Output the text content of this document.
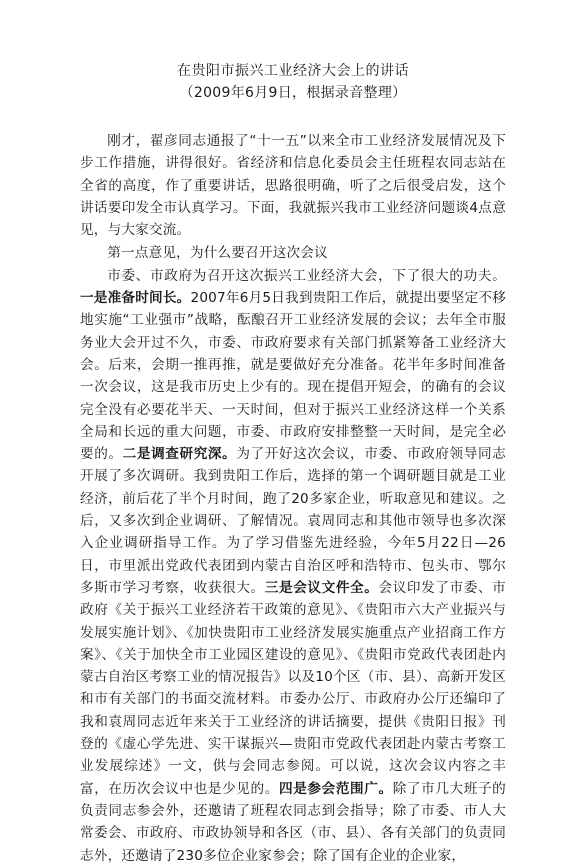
在贵阳市振兴工业经济大会上的讲话
（2009年6月9日，根据录音整理）

刚才，翟彦同志通报了“十一五”以来全市工业经济发展情况及下步工作措施，讲得很好。省经济和信息化委员会主任班程农同志站在全省的高度，作了重要讲话，思路很明确，听了之后很受启发，这个讲话要印发全市认真学习。下面，我就振兴我市工业经济问题谈4点意见，与大家交流。

第一点意见，为什么要召开这次会议

市委、市政府为召开这次振兴工业经济大会，下了很大的功夫。一是准备时间长。2007年6月5日我到贵阳工作后，就提出要坚定不移地实施“工业强市”战略，酝酿召开工业经济发展的会议；去年全市服务业大会开过不久，市委、市政府要求有关部门抓紧筹备工业经济大会。后来，会期一推再推，就是要做好充分准备。花半年多时间准备一次会议，这是我市历史上少有的。现在提倡开短会，的确有的会议完全没有必要花半天、一天时间，但对于振兴工业经济这样一个关系全局和长远的重大问题，市委、市政府安排整整一天时间，是完全必要的。二是调查研究深。为了开好这次会议，市委、市政府领导同志开展了多次调研。我到贵阳工作后，选择的第一个调研题目就是工业经济，前后花了半个月时间，跑了20多家企业，听取意见和建议。之后，又多次到企业调研、了解情况。袁周同志和其他市领导也多次深入企业调研指导工作。为了学习借鉴先进经验，今年5月22日—26日，市里派出党政代表团到内蒙古自治区呼和浩特市、包头市、鄂尔多斯市学习考察，收获很大。三是会议文件全。会议印发了市委、市政府《关于振兴工业经济若干政策的意见》、《贵阳市六大产业振兴与发展实施计划》、《加快贵阳市工业经济发展实施重点产业招商工作方案》、《关于加快全市工业园区建设的意见》、《贵阳市党政代表团赴内蒙古自治区考察工业的情况报告》以及10个区（市、县）、高新开发区和市有关部门的书面交流材料。市委办公厅、市政府办公厅还编印了我和袁周同志近年来关于工业经济的讲话摘要，提供《贵阳日报》刊登的《虚心学先进、实干谋振兴—贵阳市党政代表团赴内蒙古考察工业发展综述》一文，供与会同志参阅。可以说，这次会议内容之丰富，在历次会议中也是少见的。四是参会范围广。除了市几大班子的负责同志参会外，还邀请了班程农同志到会指导；除了市委、市人大常委会、市政府、市政协领导和各区（市、县）、各有关部门的负责同志外，还邀请了230多位企业家参会；除了国有企业的企业家，
